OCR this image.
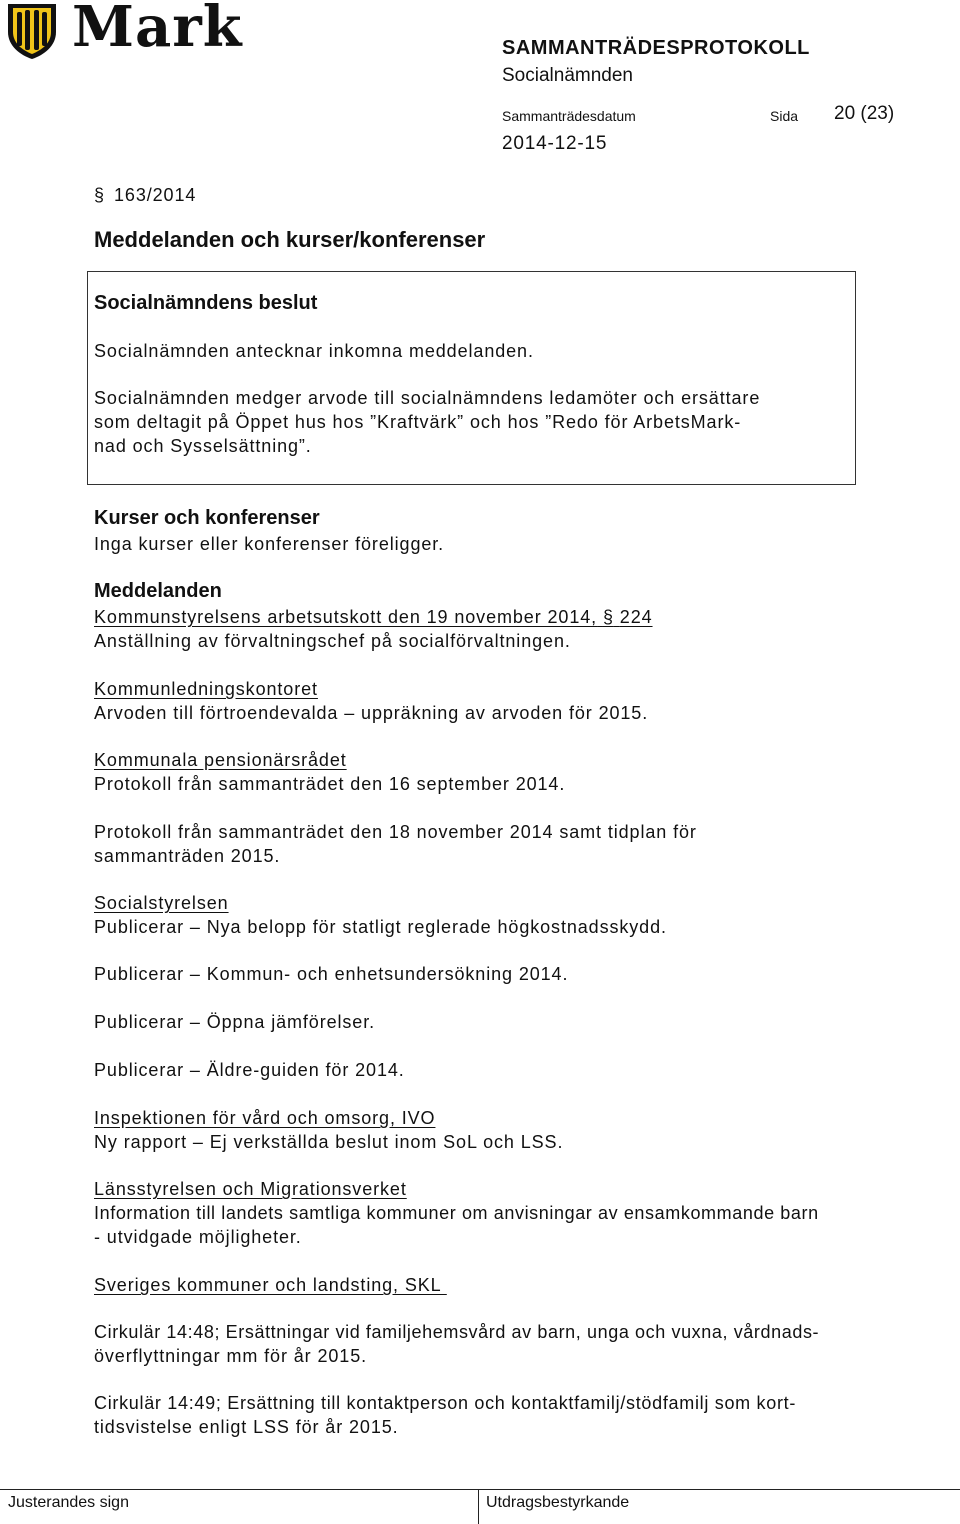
Mark	SAMMANTRÄDESPROTOKOLL
Socialnämnden
Sammanträdesdatum	Sida 20 (23)
2014-12-15
§ 163/2014
Meddelanden och kurser/konferenser
Socialnämndens beslut
Socialnämnden antecknar inkomna meddelanden.
Socialnämnden medger arvode till socialnämndens ledamöter och ersättare
som deltagit på Öppet hus hos ”Kraftvärk” och hos ”Redo för ArbetsMark-
nad och Sysselsättning”.
Kurser och konferenser
Inga kurser eller konferenser föreligger.
Meddelanden
Kommunstyrelsens arbetsutskott den 19 november 2014, § 224
Anställning av förvaltningschef på socialförvaltningen.
Kommunledningskontoret
Arvoden till förtroendevalda – uppräkning av arvoden för 2015.
Kommunala pensionärsrådet
Protokoll från sammanträdet den 16 september 2014.
Protokoll från sammanträdet den 18 november 2014 samt tidplan för
sammanträden 2015.
Socialstyrelsen
Publicerar – Nya belopp för statligt reglerade högkostnadsskydd.
Publicerar – Kommun- och enhetsundersökning 2014.
Publicerar – Öppna jämförelser.
Publicerar – Äldre-guiden för 2014.
Inspektionen för vård och omsorg, IVO
Ny rapport – Ej verkställda beslut inom SoL och LSS.
Länsstyrelsen och Migrationsverket
Information till landets samtliga kommuner om anvisningar av ensamkommande barn
- utvidgade möjligheter.
Sveriges kommuner och landsting, SKL
Cirkulär 14:48; Ersättningar vid familjehemsvård av barn, unga och vuxna, vårdnads-
överflyttningar mm för år 2015.
Cirkulär 14:49; Ersättning till kontaktperson och kontaktfamilj/stödfamilj som kort-
tidsvistelse enligt LSS för år 2015.
Justerandes sign	Utdragsbestyrkande
